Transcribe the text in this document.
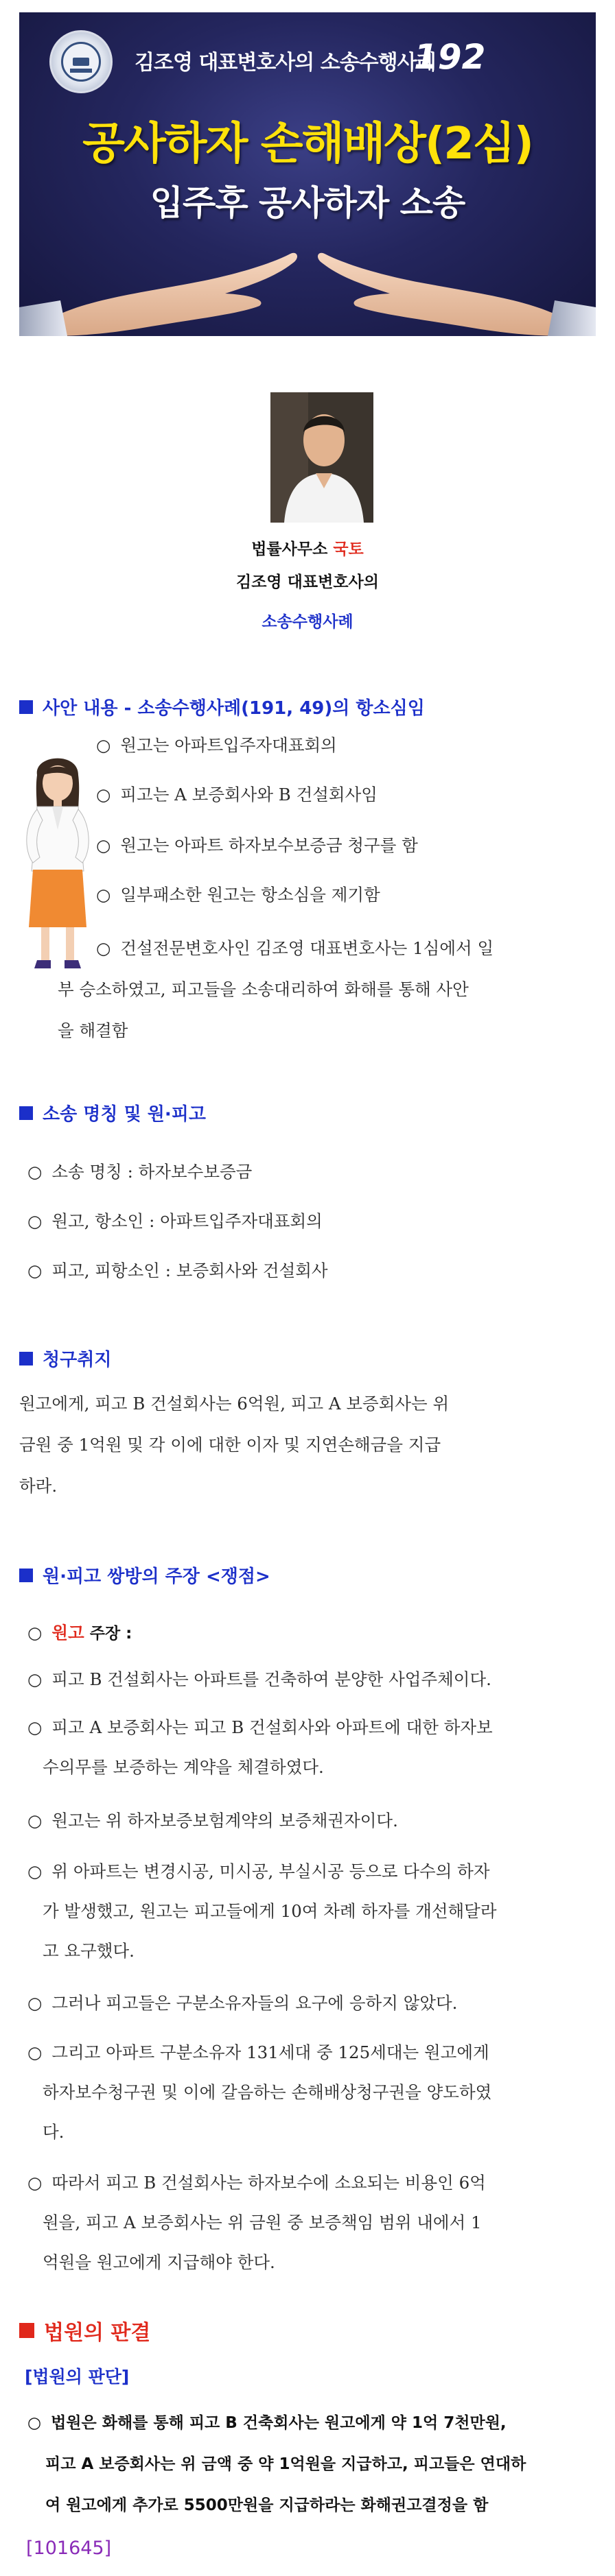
김조영 대표변호사의 소송수행사례
192
공사하자 손해배상(2심)
입주후 공사하자 소송
법률사무소 국토
김조영 대표변호사의
소송수행사례
사안 내용 - 소송수행사례(191, 49)의 항소심임
○ 원고는 아파트입주자대표회의
○ 피고는 A 보증회사와 B 건설회사임
○ 원고는 아파트 하자보수보증금 청구를 함
○ 일부패소한 원고는 항소심을 제기함
○ 건설전문변호사인 김조영 대표변호사는 1심에서 일
부 승소하였고, 피고들을 소송대리하여 화해를 통해 사안
을 해결함
소송 명칭 및 원·피고
○ 소송 명칭 : 하자보수보증금
○ 원고, 항소인 : 아파트입주자대표회의
○ 피고, 피항소인 : 보증회사와 건설회사
청구취지
원고에게, 피고 B 건설회사는 6억원, 피고 A 보증회사는 위
금원 중 1억원 및 각 이에 대한 이자 및 지연손해금을 지급
하라.
원·피고 쌍방의 주장 <쟁점>
○ 원고 주장 :
○ 피고 B 건설회사는 아파트를 건축하여 분양한 사업주체이다.
○ 피고 A 보증회사는 피고 B 건설회사와 아파트에 대한 하자보
수의무를 보증하는 계약을 체결하였다.
○ 원고는 위 하자보증보험계약의 보증채권자이다.
○ 위 아파트는 변경시공, 미시공, 부실시공 등으로 다수의 하자
가 발생했고, 원고는 피고들에게 10여 차례 하자를 개선해달라
고 요구했다.
○ 그러나 피고들은 구분소유자들의 요구에 응하지 않았다.
○ 그리고 아파트 구분소유자 131세대 중 125세대는 원고에게
하자보수청구권 및 이에 갈음하는 손해배상청구권을 양도하였
다.
○ 따라서 피고 B 건설회사는 하자보수에 소요되는 비용인 6억
원을, 피고 A 보증회사는 위 금원 중 보증책임 범위 내에서 1
억원을 원고에게 지급해야 한다.
법원의 판결
[법원의 판단]
○ 법원은 화해를 통해 피고 B 건축회사는 원고에게 약 1억 7천만원,
피고 A 보증회사는 위 금액 중 약 1억원을 지급하고, 피고들은 연대하
여 원고에게 추가로 5500만원을 지급하라는 화해권고결정을 함
[101645]
